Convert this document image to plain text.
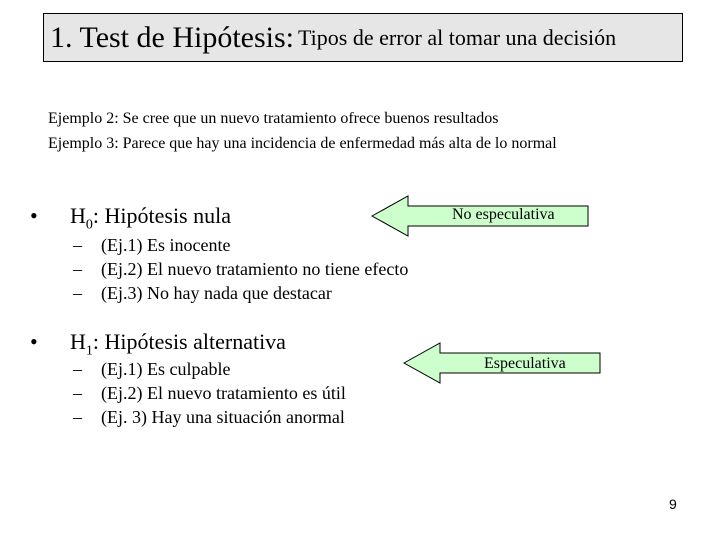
1. Test de Hipótesis:
Tipos de error al tomar una decisión
Ejemplo 2: Se cree que un nuevo tratamiento ofrece buenos resultados
Ejemplo 3: Parece que hay una incidencia de enfermedad más alta de lo normal
• $H_0$: Hipótesis nula
– (Ej.1) Es inocente
– (Ej.2) El nuevo tratamiento no tiene efecto
– (Ej.3) No hay nada que destacar
No especulativa
• $H_1$: Hipótesis alternativa
– (Ej.1) Es culpable
– (Ej.2) El nuevo tratamiento es útil
– (Ej. 3) Hay una situación anormal
Especulativa
9
